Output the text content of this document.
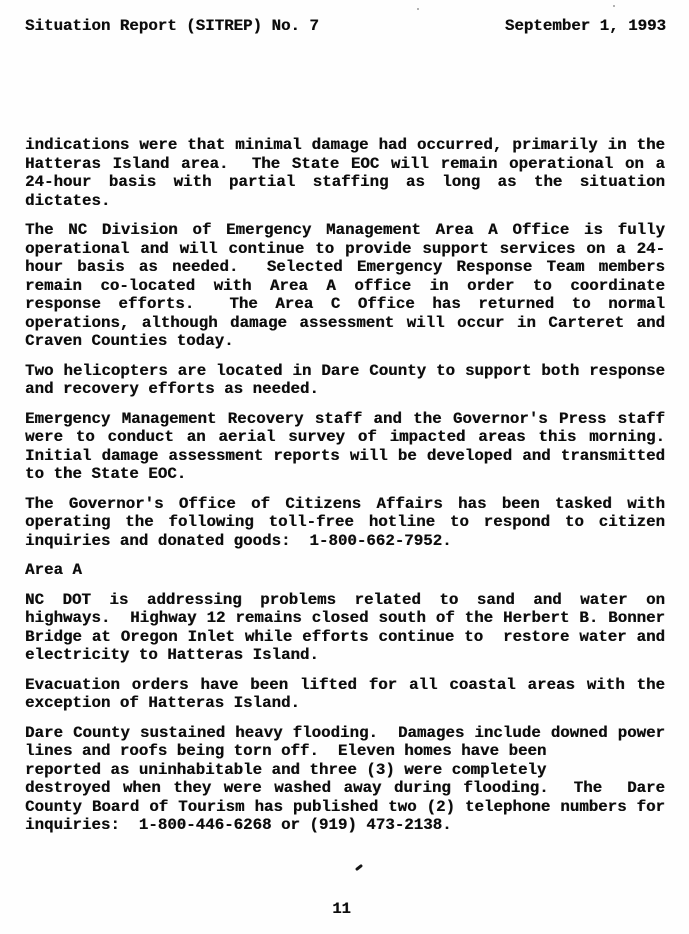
Situation Report (SITREP) No. 7	September 1, 1993

indications were that minimal damage had occurred, primarily in the
Hatteras Island area.  The State EOC will remain operational on a
24-hour basis with partial staffing as long as the situation
dictates.

The NC Division of Emergency Management Area A Office is fully
operational and will continue to provide support services on a 24-
hour basis as needed.  Selected Emergency Response Team members
remain co-located with Area A office in order to coordinate
response efforts.  The Area C Office has returned to normal
operations, although damage assessment will occur in Carteret and
Craven Counties today.

Two helicopters are located in Dare County to support both response
and recovery efforts as needed.

Emergency Management Recovery staff and the Governor's Press staff
were to conduct an aerial survey of impacted areas this morning.
Initial damage assessment reports will be developed and transmitted
to the State EOC.

The Governor's Office of Citizens Affairs has been tasked with
operating the following toll-free hotline to respond to citizen
inquiries and donated goods:  1-800-662-7952.

Area A

NC DOT is addressing problems related to sand and water on
highways.  Highway 12 remains closed south of the Herbert B. Bonner
Bridge at Oregon Inlet while efforts continue to  restore water and
electricity to Hatteras Island.

Evacuation orders have been lifted for all coastal areas with the
exception of Hatteras Island.

Dare County sustained heavy flooding.  Damages include downed power
lines and roofs being torn off.  Eleven homes have been
reported as uninhabitable and three (3) were completely
destroyed when they were washed away during flooding.  The  Dare
County Board of Tourism has published two (2) telephone numbers for
inquiries:  1-800-446-6268 or (919) 473-2138.

11
